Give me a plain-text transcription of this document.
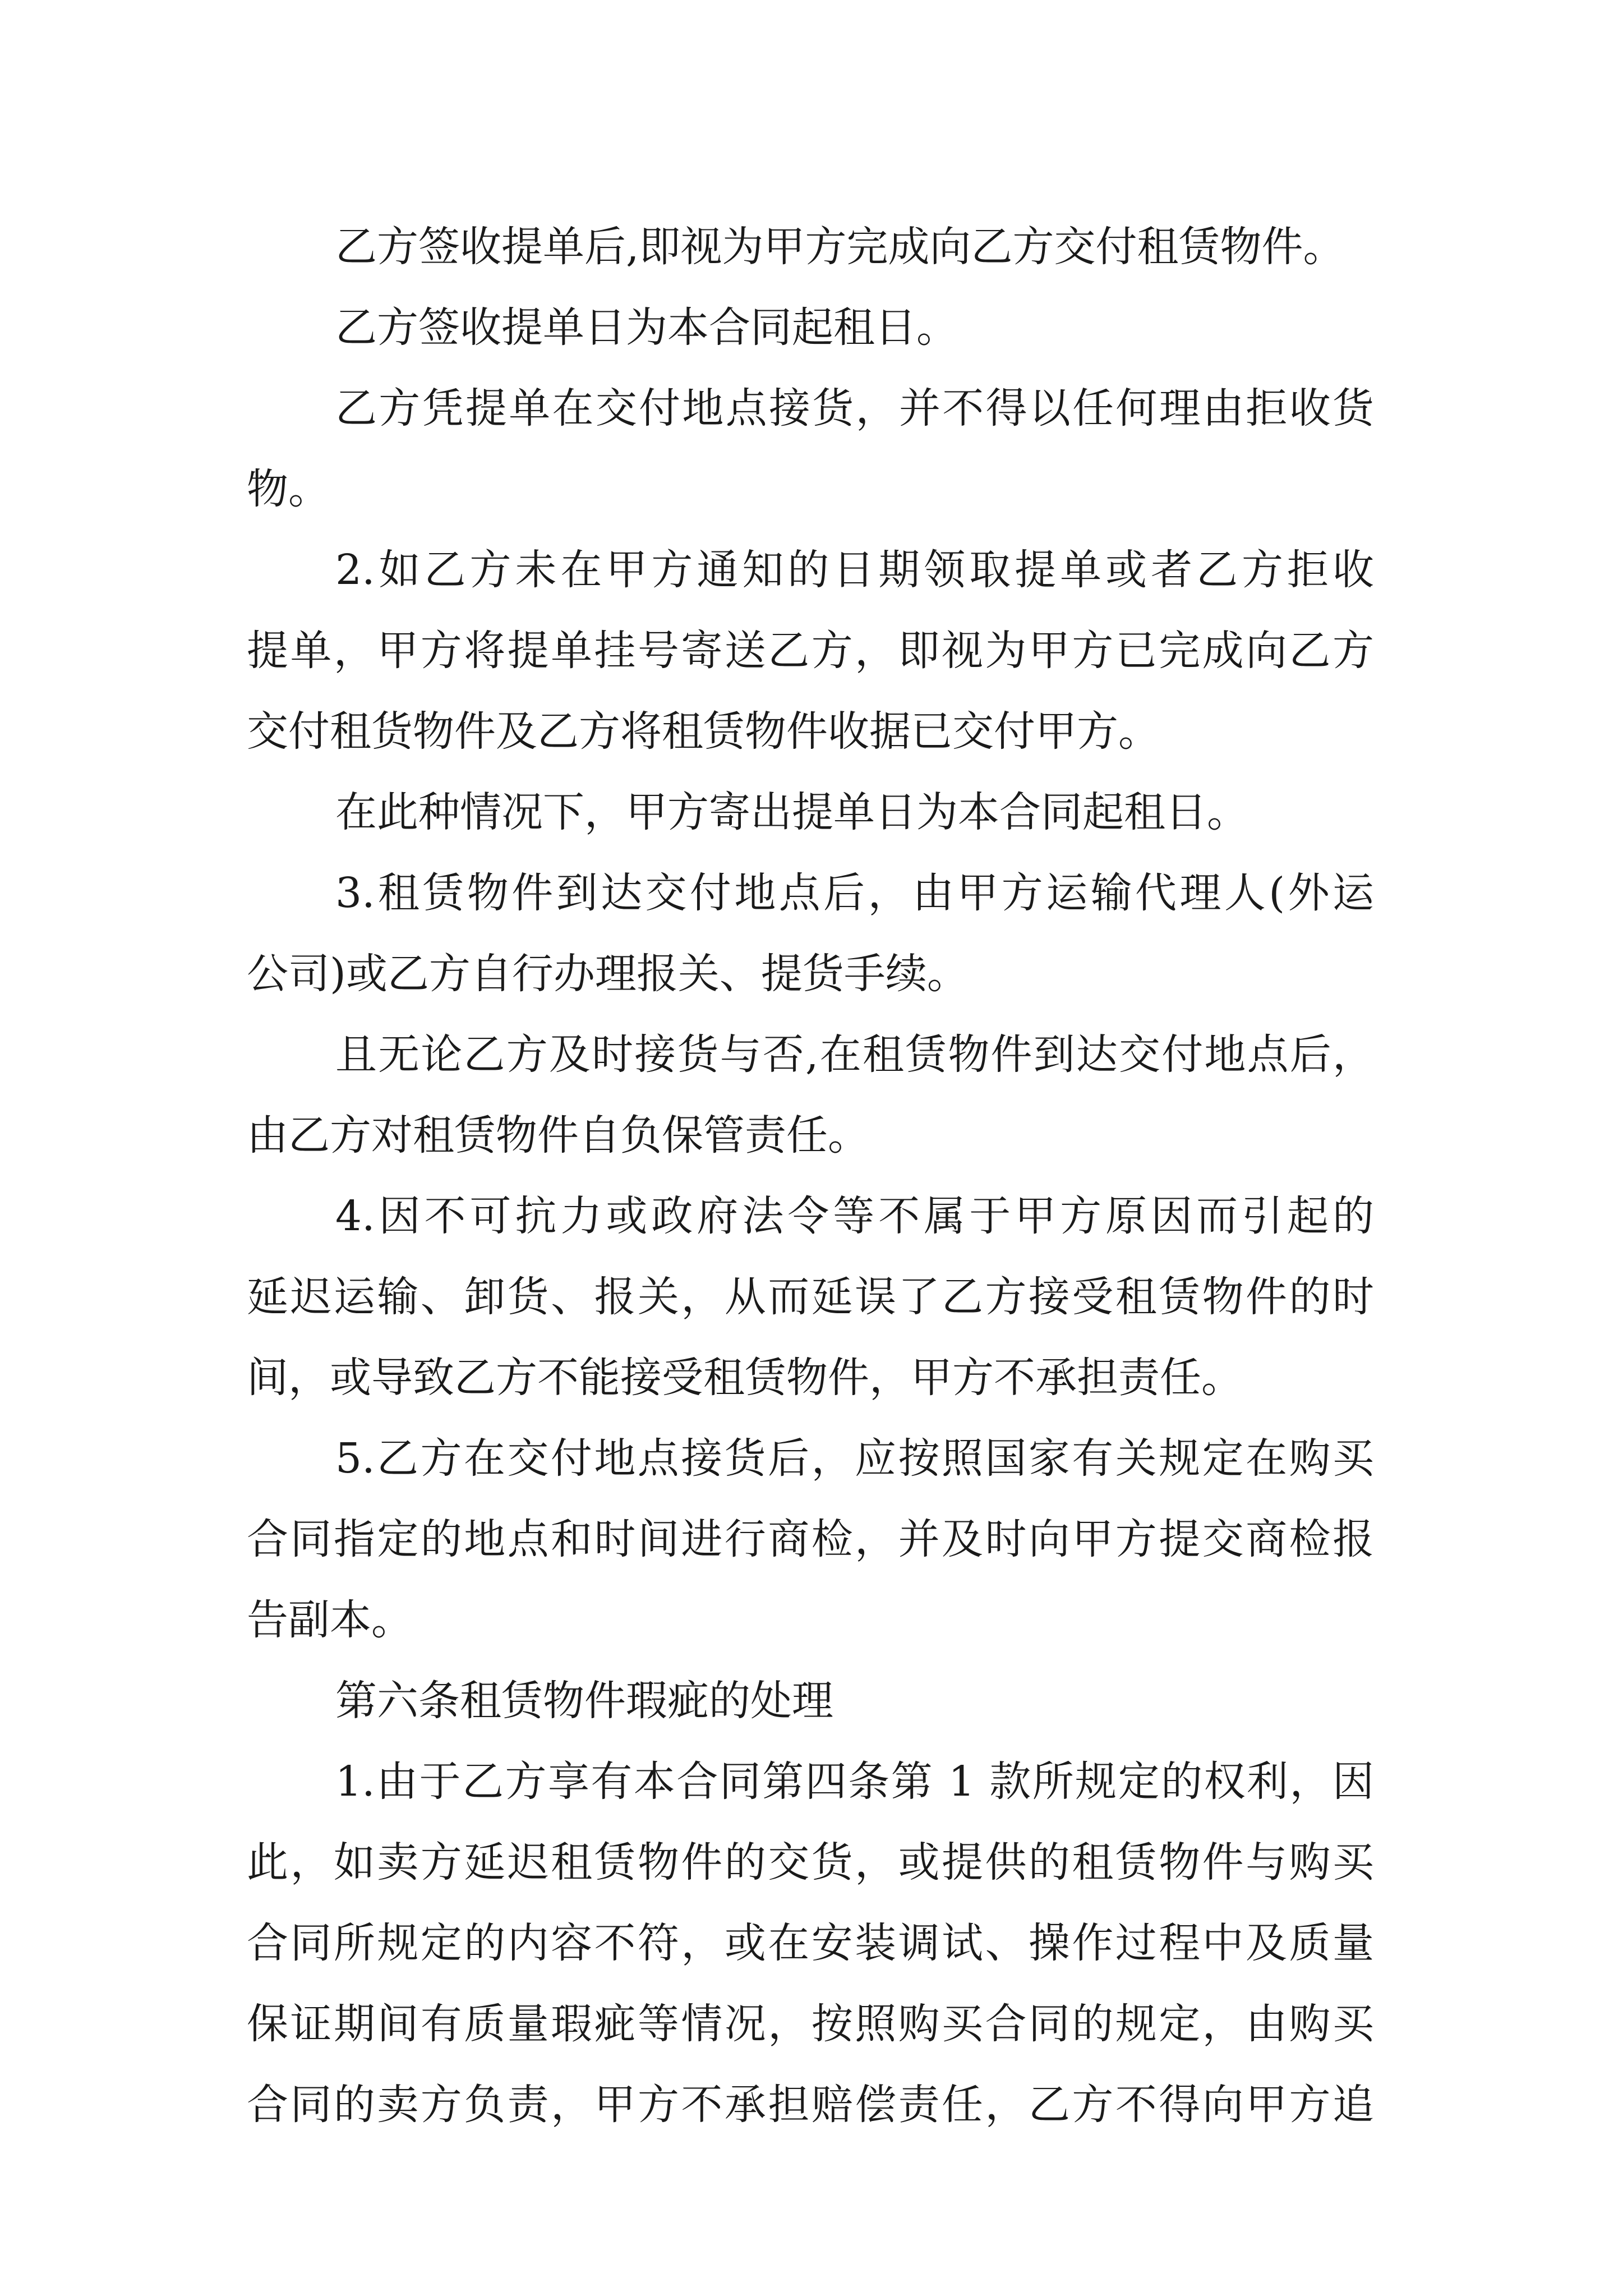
乙方签收提单后,即视为甲方完成向乙方交付租赁物件。
乙方签收提单日为本合同起租日。
乙方凭提单在交付地点接货，并不得以任何理由拒收货
物。
2.如乙方未在甲方通知的日期领取提单或者乙方拒收
提单，甲方将提单挂号寄送乙方，即视为甲方已完成向乙方
交付租货物件及乙方将租赁物件收据已交付甲方。
在此种情况下，甲方寄出提单日为本合同起租日。
3.租赁物件到达交付地点后，由甲方运输代理人(外运
公司)或乙方自行办理报关、提货手续。
且无论乙方及时接货与否,在租赁物件到达交付地点后，
由乙方对租赁物件自负保管责任。
4.因不可抗力或政府法令等不属于甲方原因而引起的
延迟运输、卸货、报关，从而延误了乙方接受租赁物件的时
间，或导致乙方不能接受租赁物件，甲方不承担责任。
5.乙方在交付地点接货后，应按照国家有关规定在购买
合同指定的地点和时间进行商检，并及时向甲方提交商检报
告副本。
第六条租赁物件瑕疵的处理
1.由于乙方享有本合同第四条第 1 款所规定的权利，因
此，如卖方延迟租赁物件的交货，或提供的租赁物件与购买
合同所规定的内容不符，或在安装调试、操作过程中及质量
保证期间有质量瑕疵等情况，按照购买合同的规定，由购买
合同的卖方负责，甲方不承担赔偿责任，乙方不得向甲方追
